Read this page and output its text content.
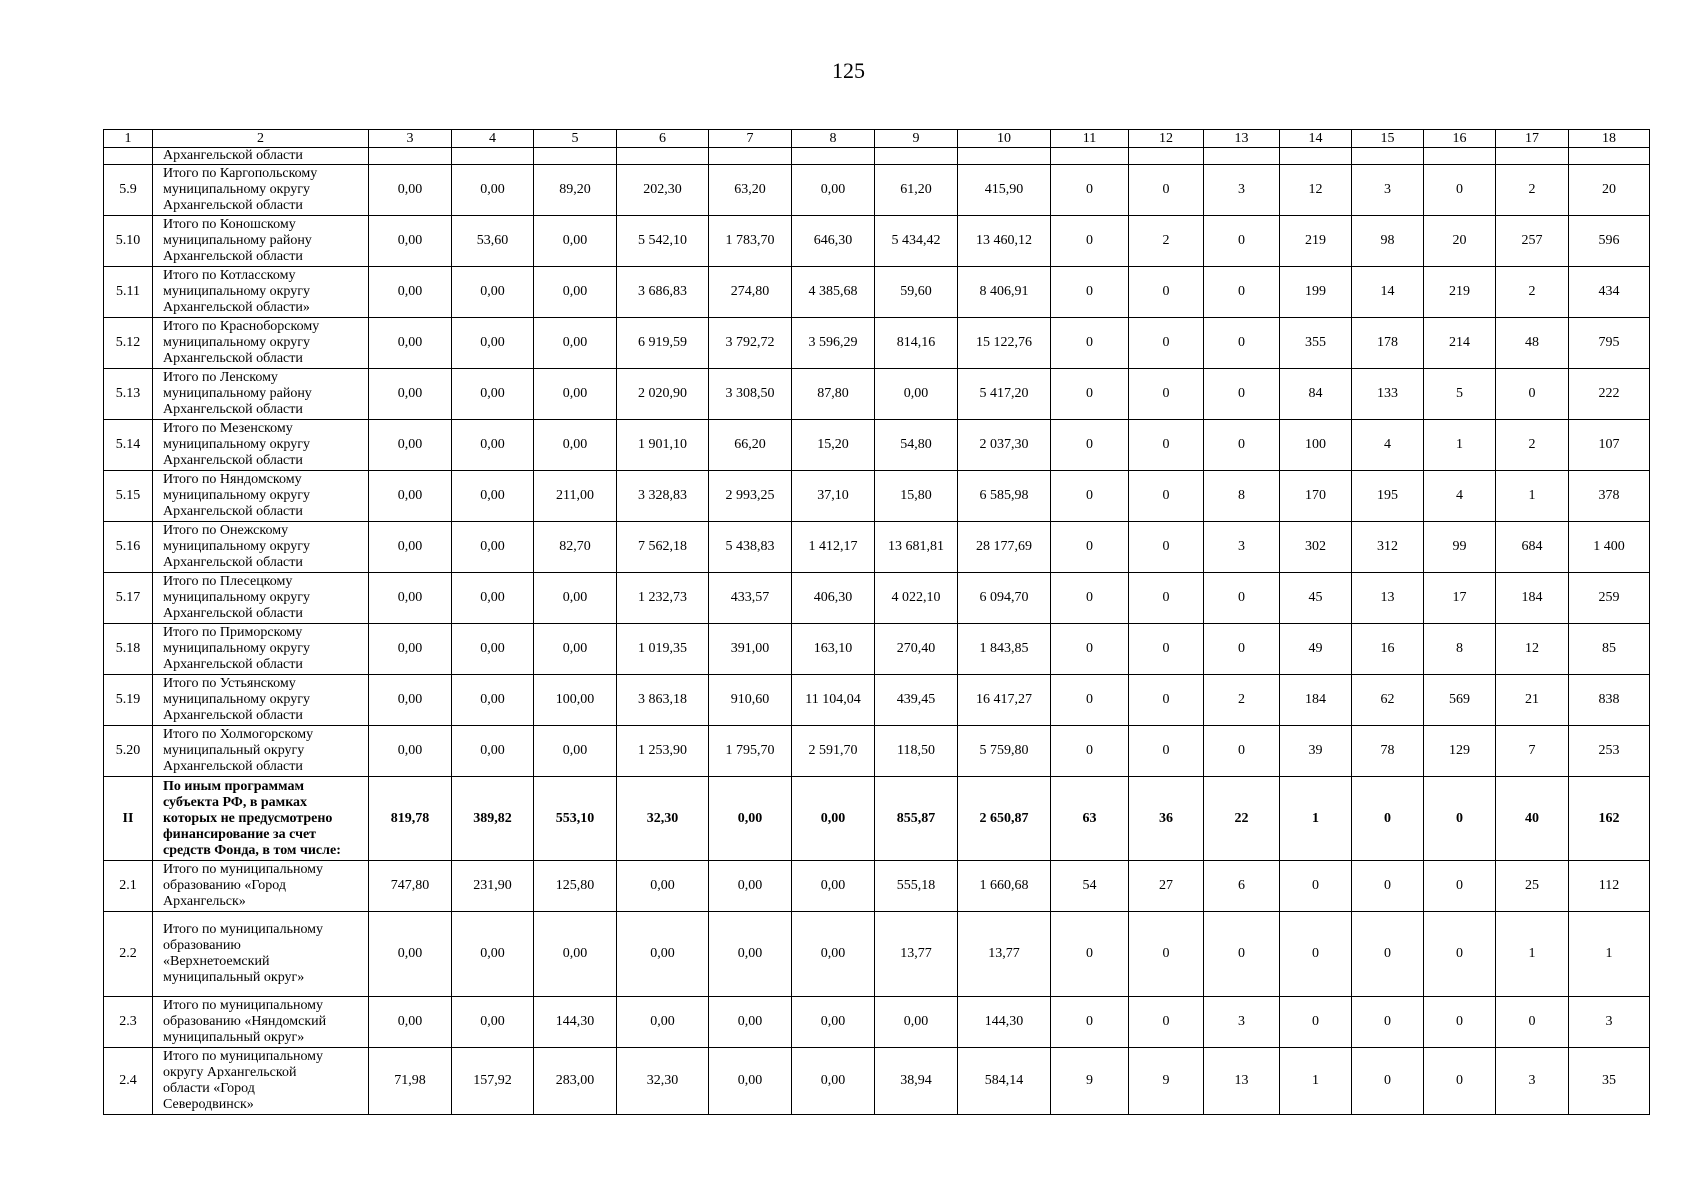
125
1	2	3	4	5	6	7	8	9	10	11	12	13	14	15	16	17	18

	Архангельской области																

5.9	Итого по Каргопольскому
муниципальному округу
Архангельской области	0,00	0,00	89,20	202,30	63,20	0,00	61,20	415,90	0	0	3	12	3	0	2	20
5.10	Итого по Коношскому
муниципальному району
Архангельской области	0,00	53,60	0,00	5 542,10	1 783,70	646,30	5 434,42	13 460,12	0	2	0	219	98	20	257	596
5.11	Итого по Котласскому
муниципальному округу
Архангельской области»	0,00	0,00	0,00	3 686,83	274,80	4 385,68	59,60	8 406,91	0	0	0	199	14	219	2	434
5.12	Итого по Красноборскому
муниципальному округу
Архангельской области	0,00	0,00	0,00	6 919,59	3 792,72	3 596,29	814,16	15 122,76	0	0	0	355	178	214	48	795
5.13	Итого по Ленскому
муниципальному району
Архангельской области	0,00	0,00	0,00	2 020,90	3 308,50	87,80	0,00	5 417,20	0	0	0	84	133	5	0	222
5.14	Итого по Мезенскому
муниципальному округу
Архангельской области	0,00	0,00	0,00	1 901,10	66,20	15,20	54,80	2 037,30	0	0	0	100	4	1	2	107
5.15	Итого по Няндомскому
муниципальному округу
Архангельской области	0,00	0,00	211,00	3 328,83	2 993,25	37,10	15,80	6 585,98	0	0	8	170	195	4	1	378
5.16	Итого по Онежскому
муниципальному округу
Архангельской области	0,00	0,00	82,70	7 562,18	5 438,83	1 412,17	13 681,81	28 177,69	0	0	3	302	312	99	684	1 400
5.17	Итого по Плесецкому
муниципальному округу
Архангельской области	0,00	0,00	0,00	1 232,73	433,57	406,30	4 022,10	6 094,70	0	0	0	45	13	17	184	259
5.18	Итого по Приморскому
муниципальному округу
Архангельской области	0,00	0,00	0,00	1 019,35	391,00	163,10	270,40	1 843,85	0	0	0	49	16	8	12	85
5.19	Итого по Устьянскому
муниципальному округу
Архангельской области	0,00	0,00	100,00	3 863,18	910,60	11 104,04	439,45	16 417,27	0	0	2	184	62	569	21	838
5.20	Итого по Холмогорскому
муниципальный округу
Архангельской области	0,00	0,00	0,00	1 253,90	1 795,70	2 591,70	118,50	5 759,80	0	0	0	39	78	129	7	253
II	По иным программам
субъекта РФ, в рамках
которых не предусмотрено
финансирование за счет
средств Фонда, в том числе:	819,78	389,82	553,10	32,30	0,00	0,00	855,87	2 650,87	63	36	22	1	0	0	40	162
2.1	Итого по муниципальному
образованию «Город
Архангельск»	747,80	231,90	125,80	0,00	0,00	0,00	555,18	1 660,68	54	27	6	0	0	0	25	112
2.2	Итого по муниципальному
образованию
«Верхнетоемский
муниципальный округ»	0,00	0,00	0,00	0,00	0,00	0,00	13,77	13,77	0	0	0	0	0	0	1	1
2.3	Итого по муниципальному
образованию «Няндомский
муниципальный округ»	0,00	0,00	144,30	0,00	0,00	0,00	0,00	144,30	0	0	3	0	0	0	0	3
2.4	Итого по муниципальному
округу Архангельской
области «Город
Северодвинск»	71,98	157,92	283,00	32,30	0,00	0,00	38,94	584,14	9	9	13	1	0	0	3	35
